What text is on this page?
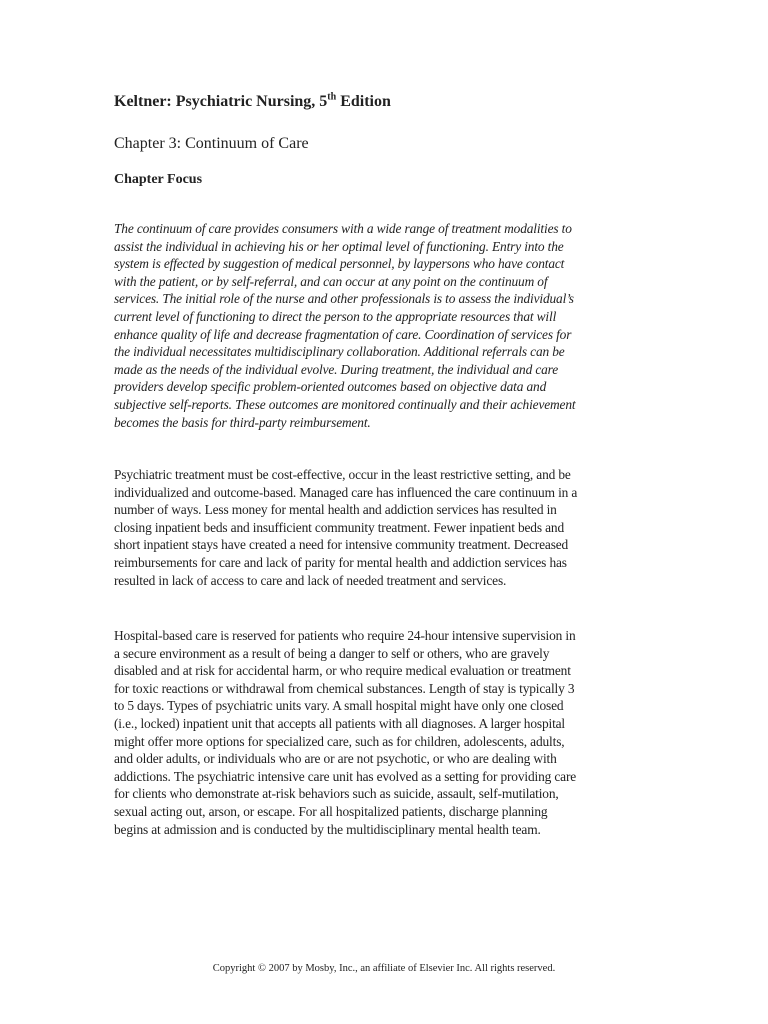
Keltner: Psychiatric Nursing, 5th Edition
Chapter 3: Continuum of Care
Chapter Focus

The continuum of care provides consumers with a wide range of treatment modalities to
assist the individual in achieving his or her optimal level of functioning. Entry into the
system is effected by suggestion of medical personnel, by laypersons who have contact
with the patient, or by self-referral, and can occur at any point on the continuum of
services. The initial role of the nurse and other professionals is to assess the individual’s
current level of functioning to direct the person to the appropriate resources that will
enhance quality of life and decrease fragmentation of care. Coordination of services for
the individual necessitates multidisciplinary collaboration. Additional referrals can be
made as the needs of the individual evolve. During treatment, the individual and care
providers develop specific problem-oriented outcomes based on objective data and
subjective self-reports. These outcomes are monitored continually and their achievement
becomes the basis for third-party reimbursement.

Psychiatric treatment must be cost-effective, occur in the least restrictive setting, and be
individualized and outcome-based. Managed care has influenced the care continuum in a
number of ways. Less money for mental health and addiction services has resulted in
closing inpatient beds and insufficient community treatment. Fewer inpatient beds and
short inpatient stays have created a need for intensive community treatment. Decreased
reimbursements for care and lack of parity for mental health and addiction services has
resulted in lack of access to care and lack of needed treatment and services.

Hospital-based care is reserved for patients who require 24-hour intensive supervision in
a secure environment as a result of being a danger to self or others, who are gravely
disabled and at risk for accidental harm, or who require medical evaluation or treatment
for toxic reactions or withdrawal from chemical substances. Length of stay is typically 3
to 5 days. Types of psychiatric units vary. A small hospital might have only one closed
(i.e., locked) inpatient unit that accepts all patients with all diagnoses. A larger hospital
might offer more options for specialized care, such as for children, adolescents, adults,
and older adults, or individuals who are or are not psychotic, or who are dealing with
addictions. The psychiatric intensive care unit has evolved as a setting for providing care
for clients who demonstrate at-risk behaviors such as suicide, assault, self-mutilation,
sexual acting out, arson, or escape. For all hospitalized patients, discharge planning
begins at admission and is conducted by the multidisciplinary mental health team.

Copyright © 2007 by Mosby, Inc., an affiliate of Elsevier Inc. All rights reserved.
